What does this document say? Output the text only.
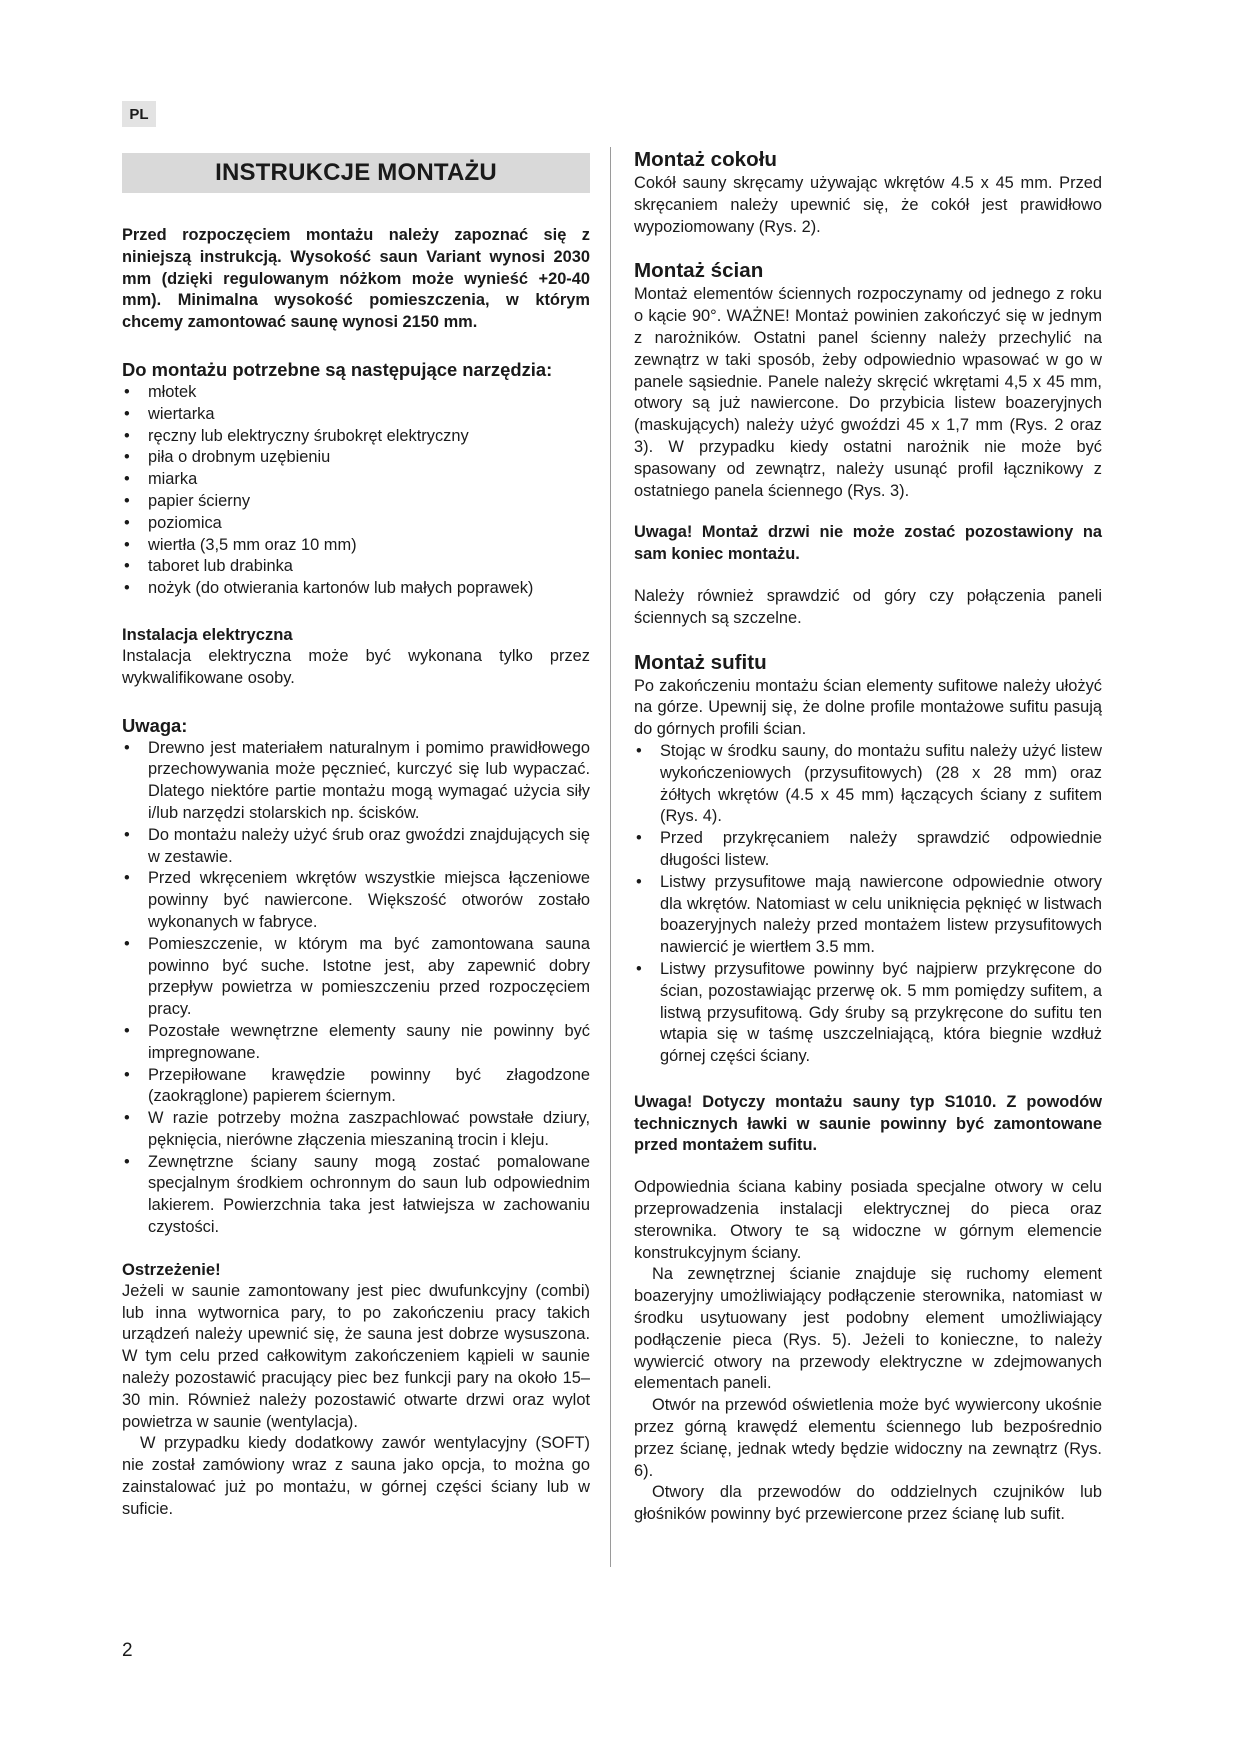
PL
INSTRUKCJE MONTAŻU

Przed rozpoczęciem montażu należy zapoznać się z niniejszą instrukcją. Wysokość saun Variant wynosi 2030 mm (dzięki regulowanym nóżkom może wynieść +20-40 mm). Minimalna wysokość pomieszczenia, w którym chcemy zamontować saunę wynosi 2150 mm.

Do montażu potrzebne są następujące narzędzia:
• młotek
• wiertarka
• ręczny lub elektryczny śrubokręt elektryczny
• piła o drobnym uzębieniu
• miarka
• papier ścierny
• poziomica
• wiertła (3,5 mm oraz 10 mm)
• taboret lub drabinka
• nożyk (do otwierania kartonów lub małych poprawek)
Instalacja elektryczna

Instalacja elektryczna może być wykonana tylko przez wykwalifikowane osoby.

Uwaga:
• Drewno jest materiałem naturalnym i pomimo prawidłowego przechowywania może pęcznieć, kurczyć się lub wypaczać. Dlatego niektóre partie montażu mogą wymagać użycia siły i/lub narzędzi stolarskich np. ścisków.
• Do montażu należy użyć śrub oraz gwoździ znajdujących się w zestawie.
• Przed wkręceniem wkrętów wszystkie miejsca łączeniowe powinny być nawiercone. Większość otworów zostało wykonanych w fabryce.
• Pomieszczenie, w którym ma być zamontowana sauna powinno być suche. Istotne jest, aby zapewnić dobry przepływ powietrza w pomieszczeniu przed rozpoczęciem pracy.
• Pozostałe wewnętrzne elementy sauny nie powinny być impregnowane.
• Przepiłowane krawędzie powinny być złagodzone (zaokrąglone) papierem ściernym.
• W razie potrzeby można zaszpachlować powstałe dziury, pęknięcia, nierówne złączenia mieszaniną trocin i kleju.
• Zewnętrzne ściany sauny mogą zostać pomalowane specjalnym środkiem ochronnym do saun lub odpowiednim lakierem. Powierzchnia taka jest łatwiejsza w zachowaniu czystości.
Ostrzeżenie!

Jeżeli w saunie zamontowany jest piec dwufunkcyjny (combi) lub inna wytwornica pary, to po zakończeniu pracy takich urządzeń należy upewnić się, że sauna jest dobrze wysuszona. W tym celu przed całkowitym zakończeniem kąpieli w saunie należy pozostawić pracujący piec bez funkcji pary na około 15–30 min. Również należy pozostawić otwarte drzwi oraz wylot powietrza w saunie (wentylacja).

W przypadku kiedy dodatkowy zawór wentylacyjny (SOFT) nie został zamówiony wraz z sauna jako opcja, to można go zainstalować już po montażu, w górnej części ściany lub w suficie.

Montaż cokołu

Cokół sauny skręcamy używając wkrętów 4.5 x 45 mm. Przed skręcaniem należy upewnić się, że cokół jest prawidłowo wypoziomowany (Rys. 2).

Montaż ścian

Montaż elementów ściennych rozpoczynamy od jednego z roku o kącie 90°. WAŻNE! Montaż powinien zakończyć się w jednym z narożników. Ostatni panel ścienny należy przechylić na zewnątrz w taki sposób, żeby odpowiednio wpasować w go w panele sąsiednie. Panele należy skręcić wkrętami 4,5 x 45 mm, otwory są już nawiercone. Do przybicia listew boazeryjnych (maskujących) należy użyć gwoździ 45 x 1,7 mm (Rys. 2 oraz 3). W przypadku kiedy ostatni narożnik nie może być spasowany od zewnątrz, należy usunąć profil łącznikowy z ostatniego panela ściennego (Rys. 3).

Uwaga! Montaż drzwi nie może zostać pozostawiony na sam koniec montażu.

Należy również sprawdzić od góry czy połączenia paneli ściennych są szczelne.

Montaż sufitu

Po zakończeniu montażu ścian elementy sufitowe należy ułożyć na górze. Upewnij się, że dolne profile montażowe sufitu pasują do górnych profili ścian.

• Stojąc w środku sauny, do montażu sufitu należy użyć listew wykończeniowych (przysufitowych) (28 x 28 mm) oraz żółtych wkrętów (4.5 x 45 mm) łączących ściany z sufitem (Rys. 4).
• Przed przykręcaniem należy sprawdzić odpowiednie długości listew.
• Listwy przysufitowe mają nawiercone odpowiednie otwory dla wkrętów. Natomiast w celu uniknięcia pęknięć w listwach boazeryjnych należy przed montażem listew przysufitowych nawiercić je wiertłem 3.5 mm.
• Listwy przysufitowe powinny być najpierw przykręcone do ścian, pozostawiając przerwę ok. 5 mm pomiędzy sufitem, a listwą przysufitową. Gdy śruby są przykręcone do sufitu ten wtapia się w taśmę uszczelniającą, która biegnie wzdłuż górnej części ściany.

Uwaga! Dotyczy montażu sauny typ S1010. Z powodów technicznych ławki w saunie powinny być zamontowane przed montażem sufitu.

Odpowiednia ściana kabiny posiada specjalne otwory w celu przeprowadzenia instalacji elektrycznej do pieca oraz sterownika. Otwory te są widoczne w górnym elemencie konstrukcyjnym ściany.

Na zewnętrznej ścianie znajduje się ruchomy element boazeryjny umożliwiający podłączenie sterownika, natomiast w środku usytuowany jest podobny element umożliwiający podłączenie pieca (Rys. 5). Jeżeli to konieczne, to należy wywiercić otwory na przewody elektryczne w zdejmowanych elementach paneli.

Otwór na przewód oświetlenia może być wywiercony ukośnie przez górną krawędź elementu ściennego lub bezpośrednio przez ścianę, jednak wtedy będzie widoczny na zewnątrz (Rys. 6).

Otwory dla przewodów do oddzielnych czujników lub głośników powinny być przewiercone przez ścianę lub sufit.

2
